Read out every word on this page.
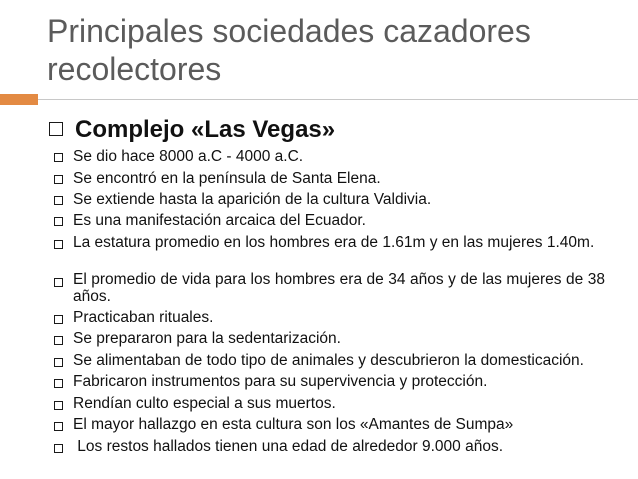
Principales sociedades cazadores recolectores
Complejo «Las Vegas»
Se dio hace 8000 a.C - 4000 a.C.
Se encontró en la península de Santa Elena.
Se extiende hasta la aparición de la cultura Valdivia.
Es una manifestación arcaica del Ecuador.
La estatura promedio en los hombres era de 1.61m y en las mujeres 1.40m.
El promedio de vida para los hombres era de 34 años y de las mujeres de 38 años.
Practicaban rituales.
Se prepararon para la sedentarización.
Se alimentaban de todo tipo de animales y descubrieron la domesticación.
Fabricaron instrumentos para su supervivencia y protección.
Rendían culto especial a sus muertos.
El mayor hallazgo en esta cultura son los «Amantes de Sumpa»
Los restos hallados tienen una edad de alrededor 9.000 años.
